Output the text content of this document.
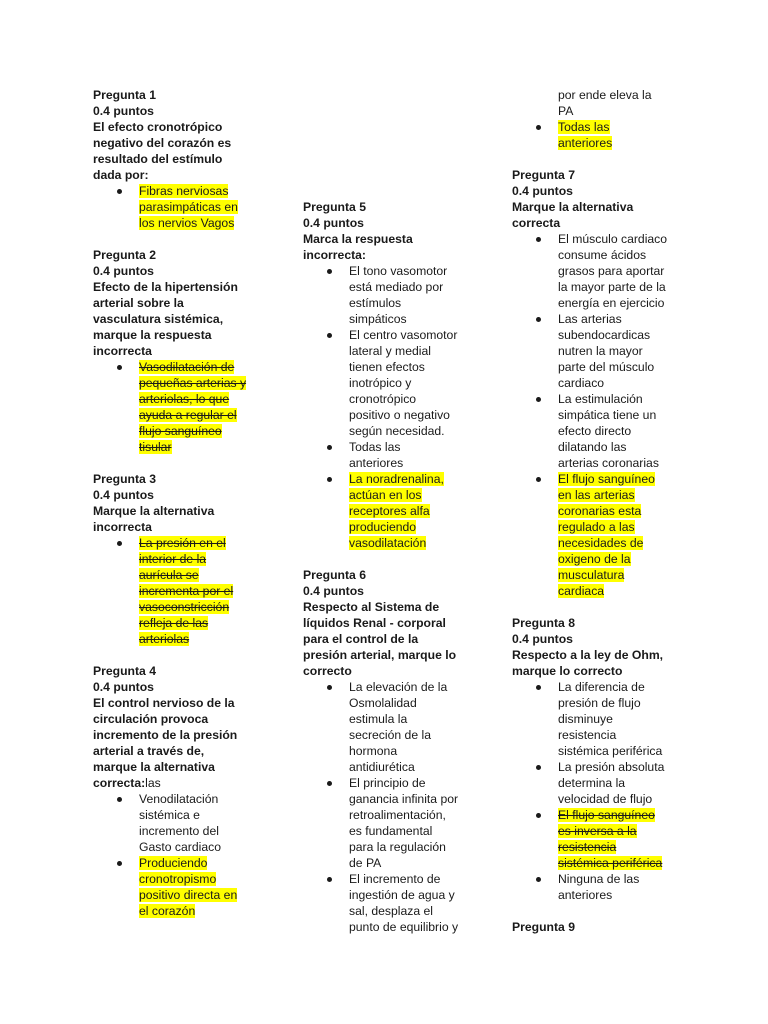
Pregunta 1
0.4 puntos
El efecto cronotrópico
negativo del corazón es
resultado del estímulo
dada por:
Fibras nerviosas
parasimpáticas en
los nervios Vagos
Pregunta 2
0.4 puntos
Efecto de la hipertensión
arterial sobre la
vasculatura sistémica,
marque la respuesta
incorrecta
Vasodilatación de
pequeñas arterias y
arteriolas, lo que
ayuda a regular el
flujo sanguíneo
tisular
Pregunta 3
0.4 puntos
Marque la alternativa
incorrecta
La presión en el
interior de la
aurícula se
incrementa por el
vasoconstricción
refleja de las
arteriolas
Pregunta 4
0.4 puntos
El control nervioso de la
circulación provoca
incremento de la presión
arterial a través de,
marque la alternativa
correcta:las
Venodilatación
sistémica e
incremento del
Gasto cardiaco
Produciendo
cronotropismo
positivo directa en
el corazón
Pregunta 5
0.4 puntos
Marca la respuesta
incorrecta:
El tono vasomotor
está mediado por
estímulos
simpáticos
El centro vasomotor
lateral y medial
tienen efectos
inotrópico y
cronotrópico
positivo o negativo
según necesidad.
Todas las
anteriores
La noradrenalina,
actúan en los
receptores alfa
produciendo
vasodilatación
Pregunta 6
0.4 puntos
Respecto al Sistema de
líquidos Renal - corporal
para el control de la
presión arterial, marque lo
correcto
La elevación de la
Osmolalidad
estimula la
secreción de la
hormona
antidiurética
El principio de
ganancia infinita por
retroalimentación,
es fundamental
para la regulación
de PA
El incremento de
ingestión de agua y
sal, desplaza el
punto de equilibrio y
por ende eleva la
PA
Todas las
anteriores
Pregunta 7
0.4 puntos
Marque la alternativa
correcta
El músculo cardiaco
consume ácidos
grasos para aportar
la mayor parte de la
energía en ejercicio
Las arterias
subendocardicas
nutren la mayor
parte del músculo
cardiaco
La estimulación
simpática tiene un
efecto directo
dilatando las
arterias coronarias
El flujo sanguíneo
en las arterias
coronarias esta
regulado a las
necesidades de
oxigeno de la
musculatura
cardiaca
Pregunta 8
0.4 puntos
Respecto a la ley de Ohm,
marque lo correcto
La diferencia de
presión de flujo
disminuye
resistencia
sistémica periférica
La presión absoluta
determina la
velocidad de flujo
El flujo sanguíneo
es inversa a la
resistencia
sistémica periférica
Ninguna de las
anteriores
Pregunta 9
